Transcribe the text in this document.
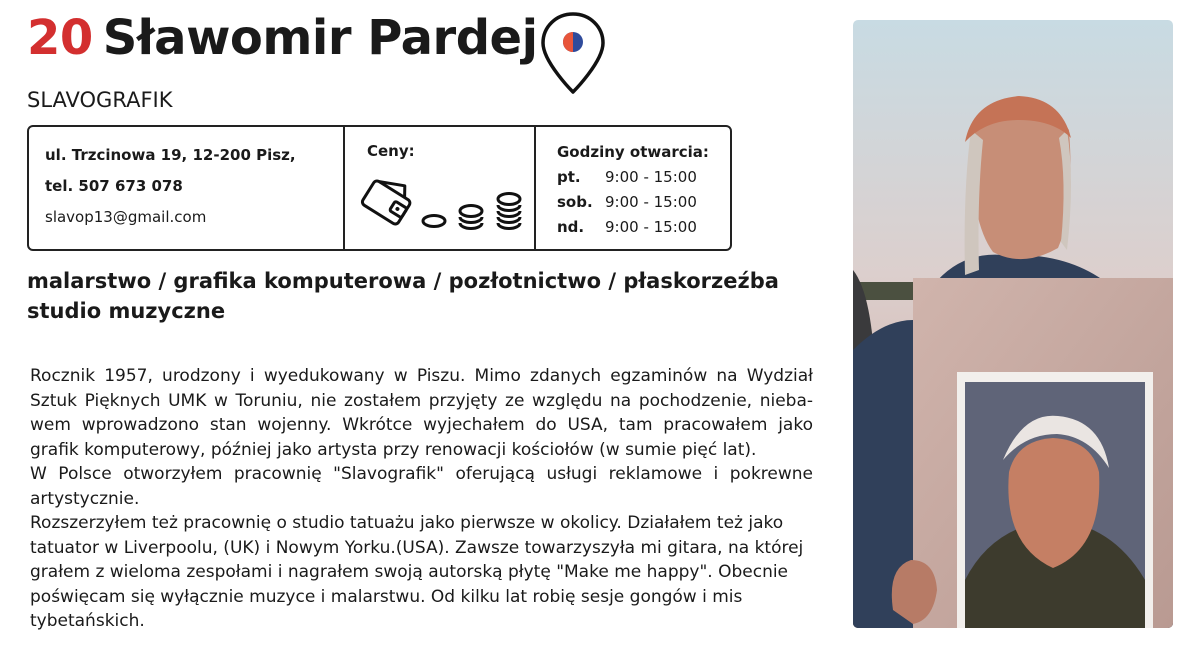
20 Sławomir Pardej
SLAVOGRAFIK
ul. Trzcinowa 19, 12-200 Pisz,
tel. 507 673 078
slavop13@gmail.com
Ceny:	Godziny otwarcia:
pt.	9:00 - 15:00
sob. 9:00 - 15:00
nd.	9:00 - 15:00
malarstwo / grafika komputerowa / pozłotnictwo / płaskorzeźba
studio muzyczne

Rocznik 1957, urodzony i wyedukowany w Piszu. Mimo zdanych egzaminów na Wydział Sztuk Pięknych UMK w Toruniu, nie zostałem przyjęty ze względu na pochodzenie, nieba-wem wprowadzono stan wojenny. Wkrótce wyjechałem do USA, tam pracowałem jako grafik komputerowy, później jako artysta przy renowacji kościołów (w sumie pięć lat).

W Polsce otworzyłem pracownię "Slavografik" oferującą usługi reklamowe i pokrewne artystycznie.

Rozszerzyłem też pracownię o studio tatuażu jako pierwsze w okolicy. Działałem też jako tatuator w Liverpoolu, (UK) i Nowym Yorku.(USA). Zawsze towarzyszyła mi gitara, na której grałem z wieloma zespołami i nagrałem swoją autorską płytę "Make me happy". Obecnie poświęcam się wyłącznie muzyce i malarstwu. Od kilku lat robię sesje gongów i mis tybetańskich.
